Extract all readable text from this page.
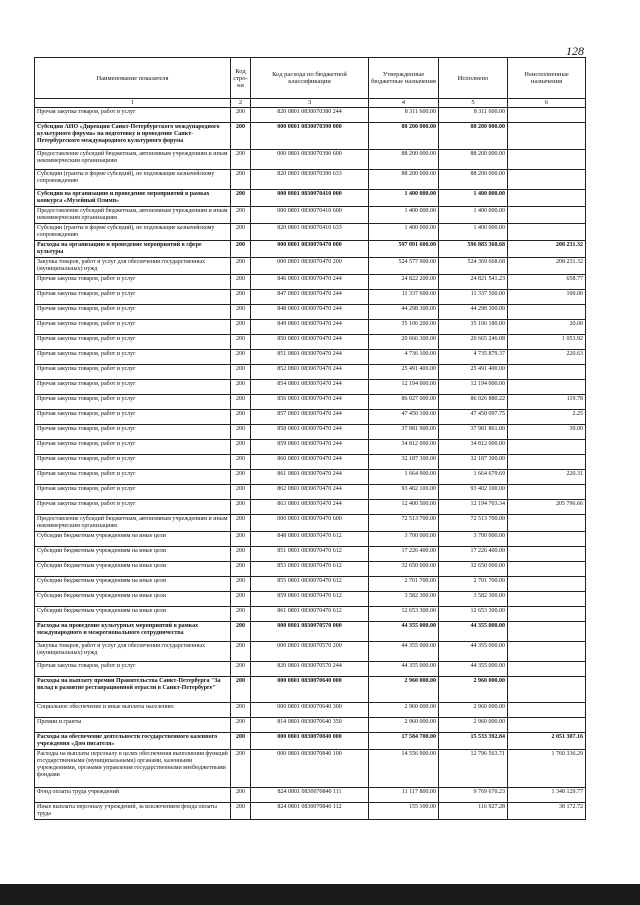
128
Наименование показателя	Код стро-ки	Код расхода по бюджетной классификации	Утвержденные бюджетные назначения	Исполнено	Неисполненные назначения
1	2	3	4	5	6
Прочая закупка товаров, работ и услуг	200	820 0801 0830070380 244	8 311 600.00	8 311 600.00	
Субсидия АНО «Дирекция Санкт-Петербургского международного культурного форума» на подготовку и проведение Санкт-Петербургского международного культурного форума	200	000 0801 0830070390 000	88 200 000.00	88 200 000.00	
Предоставление субсидий бюджетным, автономным учреждениям и иным некоммерческим организациям	200	000 0801 0830070390 600	88 200 000.00	88 200 000.00	
Субсидии (гранты в форме субсидий), не подлежащие казначейскому сопровождению	200	820 0801 0830070390 633	88 200 000.00	88 200 000.00	
Субсидия на организацию и проведение мероприятий в рамках конкурса «Музейный Олимп»	200	000 0801 0830070410 000	1 400 000.00	1 400 000.00	
Предоставление субсидий бюджетным, автономным учреждениям и иным некоммерческим организациям	200	000 0801 0830070410 600	1 400 000.00	1 400 000.00	
Субсидии (гранты в форме субсидий), не подлежащие казначейскому сопровождению	200	820 0801 0830070410 633	1 400 000.00	1 400 000.00	
Расходы на организацию и проведение мероприятий в сфере культуры	200	000 0801 0830070470 000	597 091 600.00	596 883 368.68	208 231.32
Закупка товаров, работ и услуг для обеспечения государственных (муниципальных) нужд	200	000 0801 0830070470 200	524 577 900.00	524 369 668.68	208 231.32
Прочая закупка товаров, работ и услуг	200	846 0801 0830070470 244	24 822 200.00	24 821 541.23	658.77
Прочая закупка товаров, работ и услуг	200	847 0801 0830070470 244	11 337 600.00	11 337 500.00	100.00
Прочая закупка товаров, работ и услуг	200	848 0801 0830070470 244	44 298 300.00	44 298 300.00	
Прочая закупка товаров, работ и услуг	200	849 0801 0830070470 244	35 106 200.00	35 106 180.00	20.00
Прочая закупка товаров, работ и услуг	200	850 0801 0830070470 244	20 666 300.00	20 665 246.08	1 053.92
Прочая закупка товаров, работ и услуг	200	851 0801 0830070470 244	4 736 100.00	4 735 879.37	220.63
Прочая закупка товаров, работ и услуг	200	852 0801 0830070470 244	25 491 400.00	25 491 400.00	
Прочая закупка товаров, работ и услуг	200	854 0801 0830070470 244	12 194 000.00	12 194 000.00	
Прочая закупка товаров, работ и услуг	200	856 0801 0830070470 244	86 027 000.00	86 026 880.22	119.78
Прочая закупка товаров, работ и услуг	200	857 0801 0830070470 244	47 450 100.00	47 450 097.75	2.25
Прочая закупка товаров, работ и услуг	200	858 0801 0830070470 244	37 981 900.00	37 981 861.00	39.00
Прочая закупка товаров, работ и услуг	200	859 0801 0830070470 244	34 812 000.00	34 812 000.00	
Прочая закупка товаров, работ и услуг	200	860 0801 0830070470 244	32 187 300.00	32 187 300.00	
Прочая закупка товаров, работ и услуг	200	861 0801 0830070470 244	1 664 900.00	1 664 679.69	220.31
Прочая закупка товаров, работ и услуг	200	862 0801 0830070470 244	93 402 100.00	93 402 100.00	
Прочая закупка товаров, работ и услуг	200	863 0801 0830070470 244	12 400 500.00	12 194 703.34	205 796.66
Предоставление субсидий бюджетным, автономным учреждениям и иным некоммерческим организациям	200	000 0801 0830070470 600	72 513 700.00	72 513 700.00	
Субсидии бюджетным учреждениям на иные цели	200	848 0801 0830070470 612	3 700 000.00	3 700 000.00	
Субсидии бюджетным учреждениям на иные цели	200	851 0801 0830070470 612	17 226 400.00	17 226 400.00	
Субсидии бюджетным учреждениям на иные цели	200	853 0801 0830070470 612	32 650 000.00	32 650 000.00	
Субсидии бюджетным учреждениям на иные цели	200	855 0801 0830070470 612	2 701 700.00	2 701 700.00	
Субсидии бюджетным учреждениям на иные цели	200	859 0801 0830070470 612	3 582 300.00	3 582 300.00	
Субсидии бюджетным учреждениям на иные цели	200	861 0801 0830070470 612	12 653 300.00	12 653 300.00	
Расходы на проведение культурных мероприятий в рамках международного и межрегионального сотрудничества	200	000 0801 0830070570 000	44 355 000.00	44 355 000.00	
Закупка товаров, работ и услуг для обеспечения государственных (муниципальных) нужд	200	000 0801 0830070570 200	44 355 000.00	44 355 000.00	
Прочая закупка товаров, работ и услуг	200	820 0801 0830070570 244	44 355 000.00	44 355 000.00	
Расходы на выплату премии Правительства Санкт-Петербурга "За вклад в развитие реставрационной отрасли в Санкт-Петербурге"	200	000 0801 0830070640 000	2 960 000.00	2 960 000.00	
Социальное обеспечение и иные выплаты населению	200	000 0801 0830070640 300	2 960 000.00	2 960 000.00	
Премии и гранты	200	814 0801 0830070640 350	2 960 000.00	2 960 000.00	
Расходы на обеспечение деятельности государственного казенного учреждения «Дом писателя»	200	000 0801 0830070840 000	17 584 700.00	15 533 392.84	2 051 307.16
Расходы на выплаты персоналу в целях обеспечения выполнения функций государственными (муниципальными) органами, казенными учреждениями, органами управления государственными внебюджетными фондами	200	000 0801 0830070840 100	14 556 900.00	12 796 563.71	1 760 336.29
Фонд оплаты труда учреждений	200	824 0801 0830070840 111	11 117 800.00	9 769 670.23	1 348 129.77
Иные выплаты персоналу учреждений, за исключением фонда оплаты труда	200	824 0801 0830070840 112	155 100.00	116 927.28	38 172.72
